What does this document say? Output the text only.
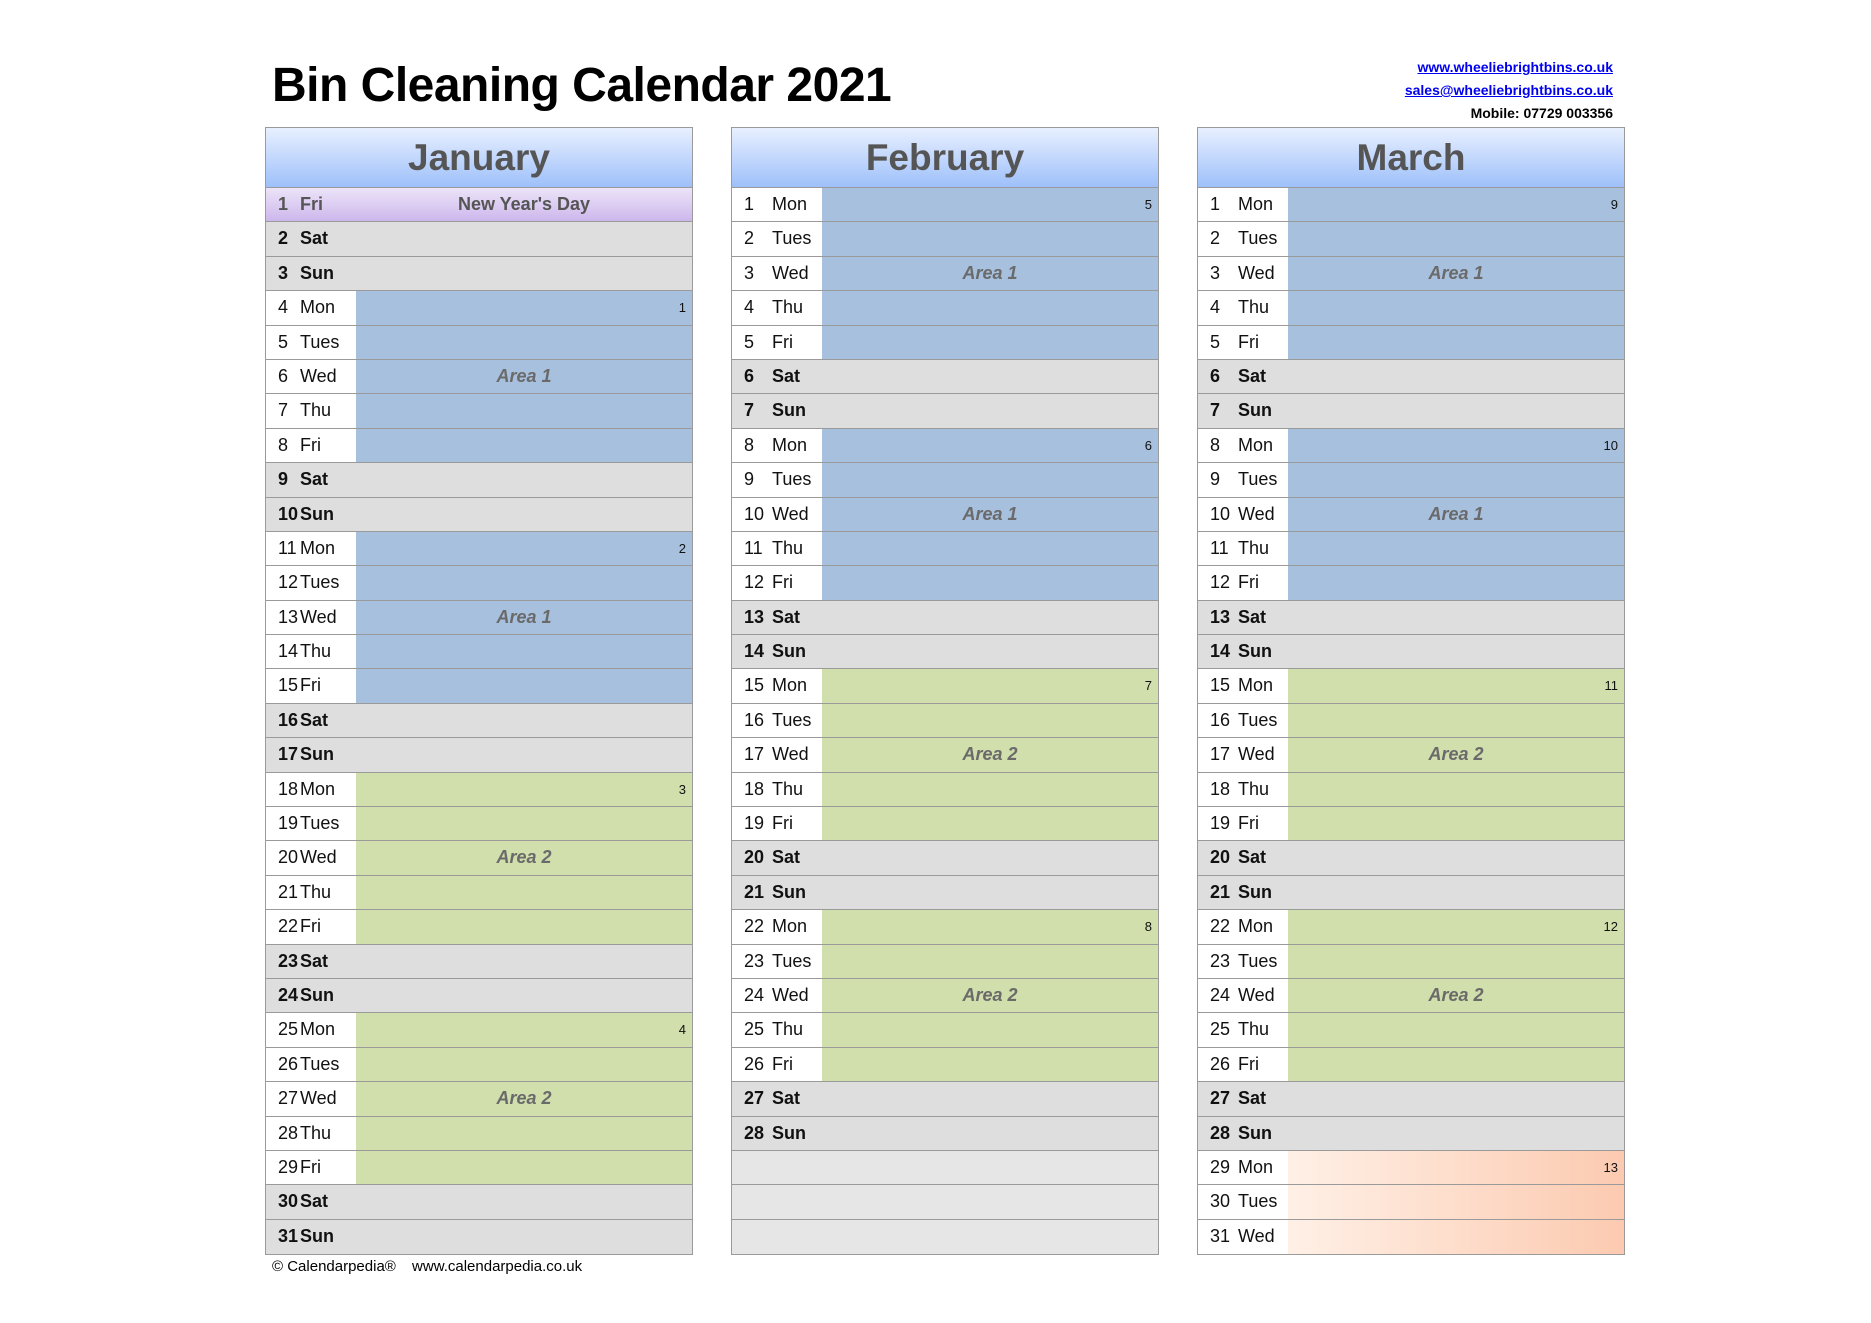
Bin Cleaning Calendar 2021	www.wheeliebrightbins.co.uk
sales@wheeliebrightbins.co.uk
Mobile: 07729 003356
January
1 Fri	New Year's Day
2 Sat
3 Sun
4 Mon	1
5 Tues
6 Wed	Area 1
7 Thu
8 Fri
9 Sat
10 Sun
11 Mon	2
12 Tues
13 Wed	Area 1
14 Thu
15 Fri
16 Sat
17 Sun
18 Mon	3
19 Tues
20 Wed	Area 2
21 Thu
22 Fri
23 Sat
24 Sun
25 Mon	4
26 Tues
27 Wed	Area 2
28 Thu
29 Fri
30 Sat
31 Sun
February
1 Mon	5
2 Tues
3 Wed	Area 1
4 Thu
5 Fri
6 Sat
7 Sun
8 Mon	6
9 Tues
10 Wed	Area 1
11 Thu
12 Fri
13 Sat
14 Sun
15 Mon	7
16 Tues
17 Wed	Area 2
18 Thu
19 Fri
20 Sat
21 Sun
22 Mon	8
23 Tues
24 Wed	Area 2
25 Thu
26 Fri
27 Sat
28 Sun
March
1 Mon	9
2 Tues
3 Wed	Area 1
4 Thu
5 Fri
6 Sat
7 Sun
8 Mon	10
9 Tues
10 Wed	Area 1
11 Thu
12 Fri
13 Sat
14 Sun
15 Mon	11
16 Tues
17 Wed	Area 2
18 Thu
19 Fri
20 Sat
21 Sun
22 Mon	12
23 Tues
24 Wed	Area 2
25 Thu
26 Fri
27 Sat
28 Sun
29 Mon	13
30 Tues
31 Wed
© Calendarpedia® www.calendarpedia.co.uk
